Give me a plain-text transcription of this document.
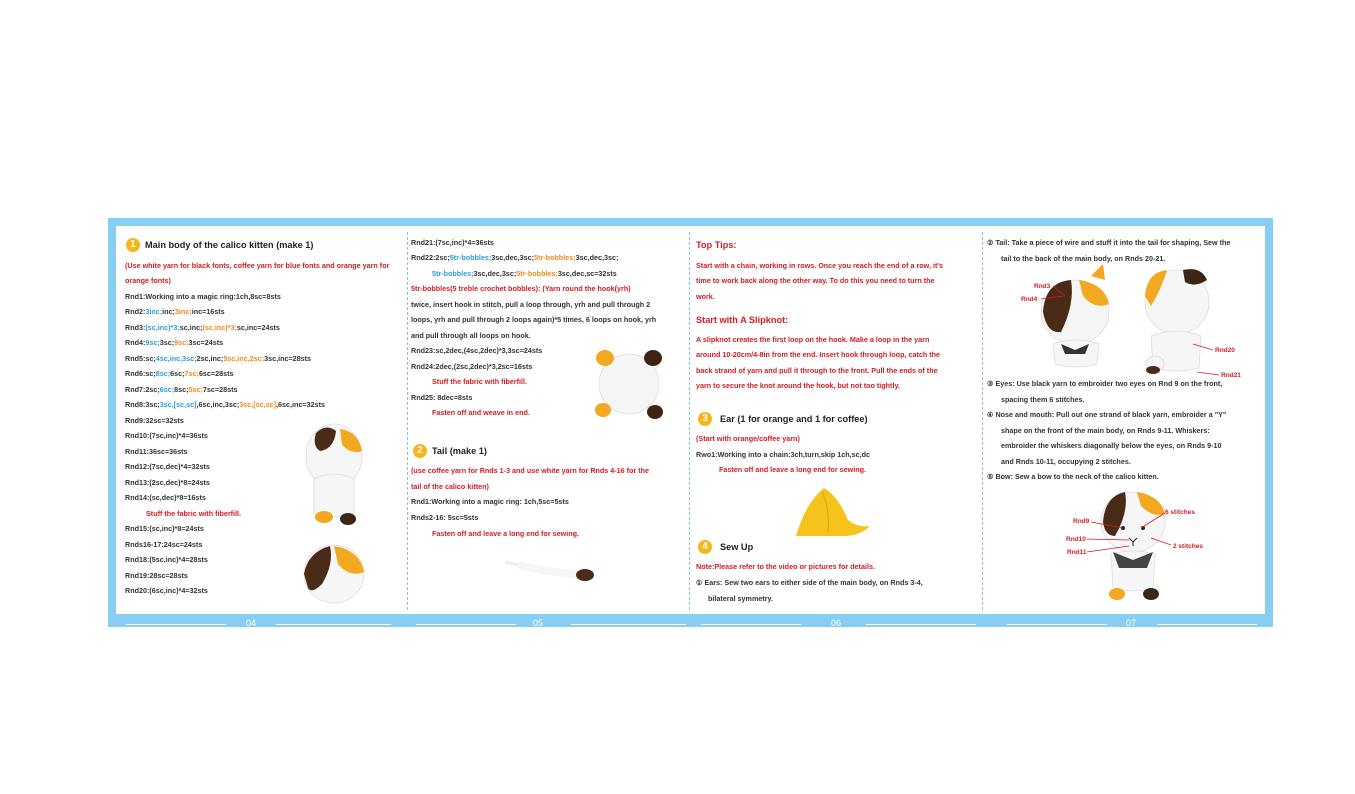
1	Main body of the calico kitten (make 1)
(Use white yarn for black fonts, coffee yarn for blue fonts and orange yarn for
orange fonts)
Rnd1:Working into a magic ring:1ch,8sc=8sts
Rnd2:3inc;inc;3inc;inc=16sts
Rnd3:(sc,inc)*3;sc,inc;(sc,inc)*3;sc,inc=24sts
Rnd4:9sc;3sc;9sc;3sc=24sts
Rnd5:sc;4sc,inc,3sc;2sc,inc;5sc,inc,2sc;3sc,inc=28sts
Rnd6:sc;8sc;6sc;7sc;6sc=28sts
Rnd7:2sc;6sc;8sc;5sc;7sc=28sts
Rnd8:3sc;3sc,[sc,sc],6sc,inc,3sc;3sc,[sc,sc],6sc,inc=32sts
Rnd9:32sc=32sts
Rnd10:(7sc,inc)*4=36sts
Rnd11:36sc=36sts
Rnd12:(7sc,dec)*4=32sts
Rnd13:(2sc,dec)*8=24sts
Rnd14:(sc,dec)*8=16sts
Stuff the fabric with fiberfill.
Rnd15:(sc,inc)*8=24sts
Rnds16-17:24sc=24sts
Rnd18:(5sc,inc)*4=28sts
Rnd19:28sc=28sts
Rnd20:(6sc,inc)*4=32sts
04
Rnd21:(7sc,inc)*4=36sts
Rnd22:2sc;5tr-bobbles;3sc,dec,3sc;5tr-bobbles;3sc,dec,3sc;
5tr-bobbles;3sc,dec,3sc;5tr-bobbles;3sc,dec,sc=32sts
5tr-bobbles(5 treble crochet bobbles): (Yarn round the hook(yrh)
twice, insert hook in stitch, pull a loop through, yrh and pull through 2
loops, yrh and pull through 2 loops again)*5 times, 6 loops on hook, yrh
and pull through all loops on hook.
Rnd23:sc,2dec,(4sc,2dec)*3,3sc=24sts
Rnd24:2dec,(2sc,2dec)*3,2sc=16sts
Stuff the fabric with fiberfill.
Rnd25: 8dec=8sts
Fasten off and weave in end.
2	Tail (make 1)
(use coffee yarn for Rnds 1-3 and use white yarn for Rnds 4-16 for the
tail of the calico kitten)
Rnd1:Working into a magic ring: 1ch,5sc=5sts
Rnds2-16: 5sc=5sts
Fasten off and leave a long end for sewing.
05
Top Tips:
Start with a chain, working in rows. Once you reach the end of a row, it's
time to work back along the other way. To do this you need to turn the
work.
Start with A Slipknot:
A slipknot creates the first loop on the hook. Make a loop in the yarn
around 10-20cm/4-8in from the end. Insert hook through loop, catch the
back strand of yarn and pull it through to the front. Pull the ends of the
yarn to secure the knot around the hook, but not too tightly.
3	Ear (1 for orange and 1 for coffee)
(Start with orange/coffee yarn)
Rwo1:Working into a chain:3ch,turn,skip 1ch,sc,dc
Fasten off and leave a long end for sewing.
4	Sew Up
Note:Please refer to the video or pictures for details.
① Ears: Sew two ears to either side of the main body, on Rnds 3-4,
bilateral symmetry.
06
② Tail: Take a piece of wire and stuff it into the tail for shaping, Sew the
tail to the back of the main body, on Rnds 20-21.
Rnd3
Rnd4
Rnd20
Rnd21
③ Eyes: Use black yarn to embroider two eyes on Rnd 9 on the front,
spacing them 6 stitches.
④ Nose and mouth: Pull out one strand of black yarn, embroider a "Y"
shape on the front of the main body, on Rnds 9-11. Whiskers:
embroider the whiskers diagonally below the eyes, on Rnds 9-10
and Rnds 10-11, occupying 2 stitches.
⑤ Bow: Sew a bow to the neck of the calico kitten.
Rnd9
Rnd10
Rnd11
6 stitches
2 stitches
07
